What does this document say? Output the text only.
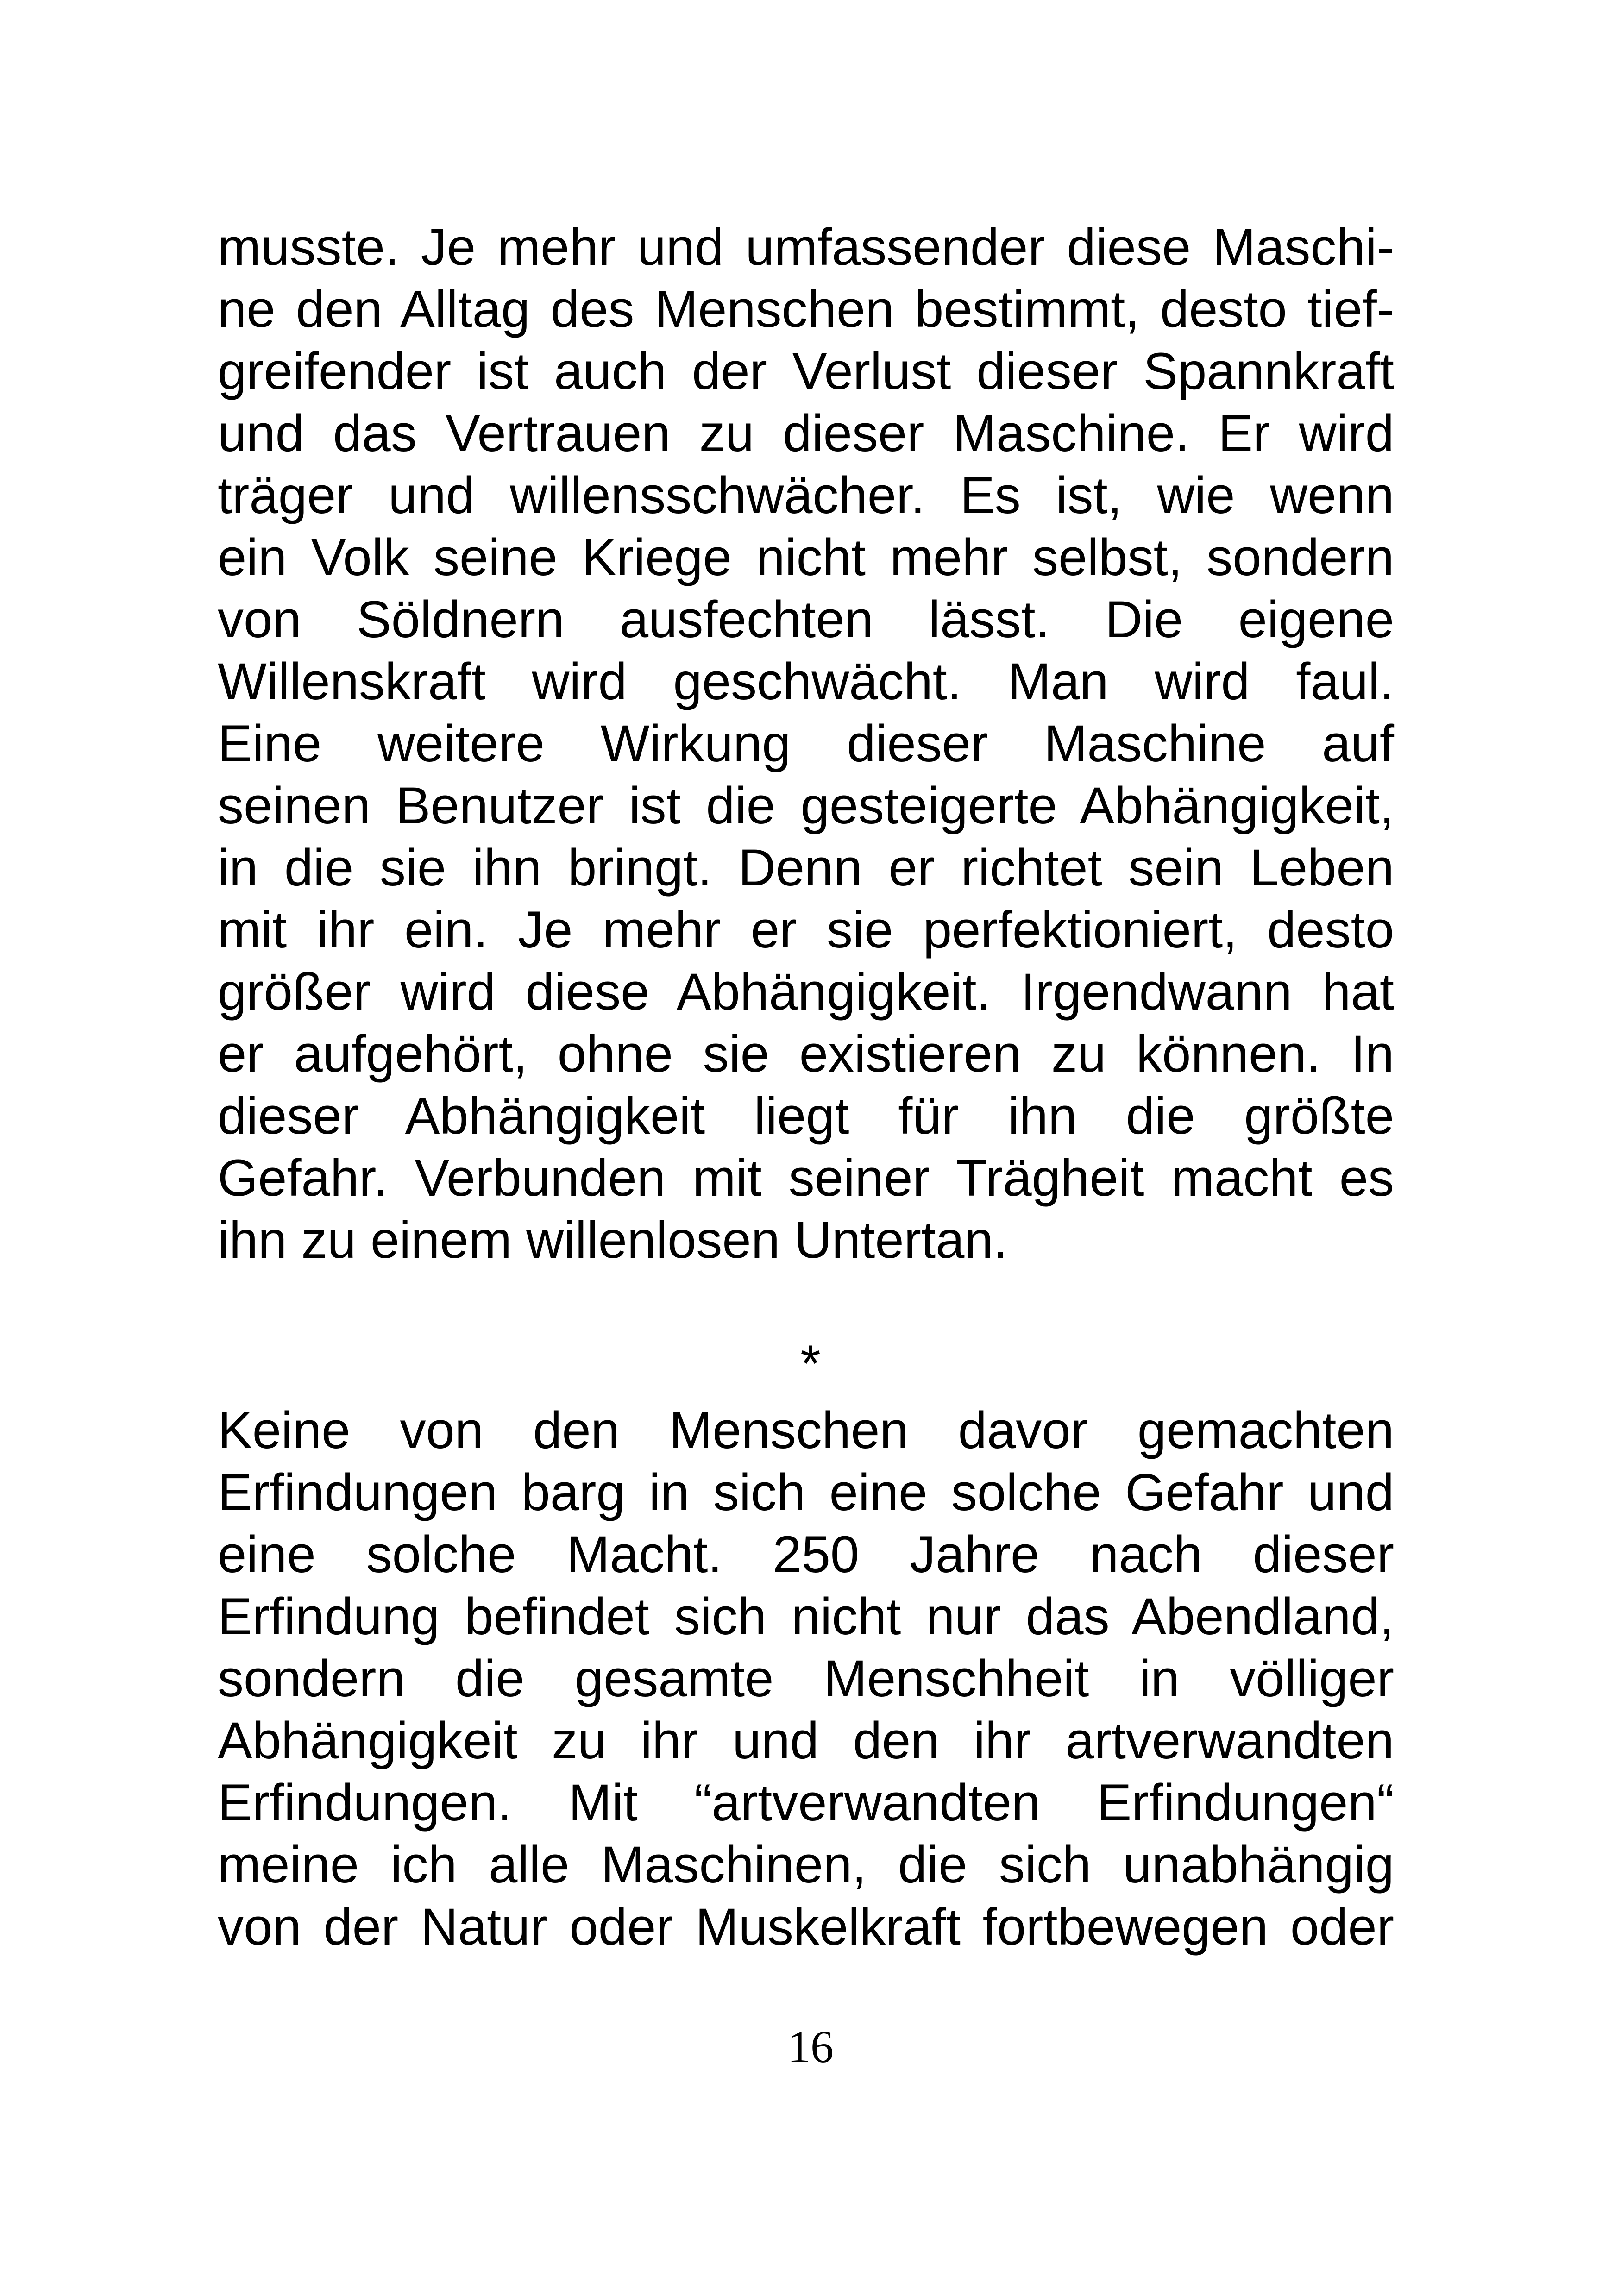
musste. Je mehr und umfassender diese Maschi-
ne den Alltag des Menschen bestimmt, desto tief-
greifender ist auch der Verlust dieser Spannkraft
und das Vertrauen zu dieser Maschine. Er wird
träger und willensschwächer. Es ist, wie wenn
ein Volk seine Kriege nicht mehr selbst, sondern
von Söldnern ausfechten lässt. Die eigene
Willenskraft wird geschwächt. Man wird faul.
Eine weitere Wirkung dieser Maschine auf
seinen Benutzer ist die gesteigerte Abhängigkeit,
in die sie ihn bringt. Denn er richtet sein Leben
mit ihr ein. Je mehr er sie perfektioniert, desto
größer wird diese Abhängigkeit. Irgendwann hat
er aufgehört, ohne sie existieren zu können. In
dieser Abhängigkeit liegt für ihn die größte
Gefahr. Verbunden mit seiner Trägheit macht es
ihn zu einem willenlosen Untertan.
*
Keine von den Menschen davor gemachten
Erfindungen barg in sich eine solche Gefahr und
eine solche Macht. 250 Jahre nach dieser
Erfindung befindet sich nicht nur das Abendland,
sondern die gesamte Menschheit in völliger
Abhängigkeit zu ihr und den ihr artverwandten
Erfindungen. Mit “artverwandten Erfindungen“
meine ich alle Maschinen, die sich unabhängig
von der Natur oder Muskelkraft fortbewegen oder
16
